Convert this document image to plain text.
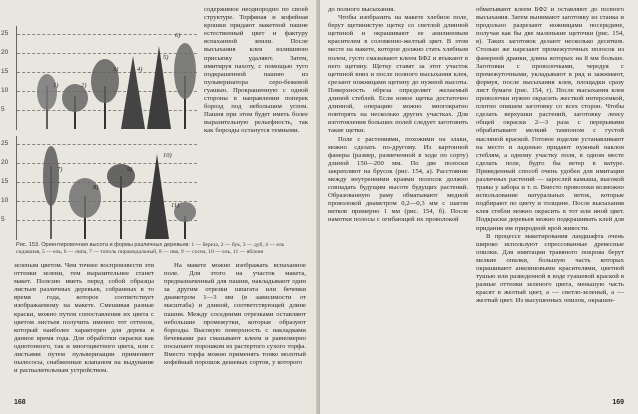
25
20
15
10
5
1)	2)
3)	4)
5)
6)
25
20
15
10
5
7)
8)
9)
10)
11)
Рис. 153. Ориентировочная высота и формы различных деревьев: 1 — береза, 2 — бук, 3 — дуб, 4 — ель сидашная, 5 — ель, 6 — липа, 7 — тополь пирамидальный, 8 — ива, 9 — сосна, 10 — ель, 11 — яблоня

содержимое неоднородно по своей структуре. Торфяная и кофейная крошки придают макетной пашне естественный цвет и фактуру вспаханной земли. После высыхания клея излишнюю присыпку удаляют. Затем, имитируя пахоту, с помощью туго подкрашенной пашню из пульверизатора серо-бежевой гуашью. Прокрашенную с одной стороны в направлении поперек борозд под небольшим углом. Пашня при этом будет иметь более выразительную рельефность, так как борозды останутся темными.

зеленым цветом. Чем точнее воспроизвести эти оттенки зелени, тем выразительнее станет макет. Полезно иметь перед собой образцы листьев различных деревьев, собранных в то время года, которое соответствует изображаемому на макете. Смешивая разные краски, можно путем сопоставления их цвета с цветом листьев получить именно тот оттенок, который наиболее характерен для дерева в данное время года. Для обработки окраски как однотонного, так и многоцветного цвета, или с листьями путем пульверизации применяют пылесосы, снабженные клапаном на выдувание и распылительным устройством.

На макете можно изображать вспаханное поле. Для этого на участок макета, предназначенный для пашни, накладывают один за другим отрезки шпагата или бечевки диаметром 1—3 мм (в зависимости от масштаба) и длиной, соответствующей длине пашни. Между соседними отрезками оставляют небольшие промежутки, которые образуют борозды. Высокую поверхность с накладками бечевками раз смазывают клеем и равномерно посыпают порошком из растертого сухого торфа. Вместо торфа можно применять тонко молотый кофейный порошок дешевых сортов, у которого

168

до полного высыхания.

Чтобы изобразить на макете хлебное поле, берут щетинистую щетку со светлой длинной щетиной и окрашивают ее анилиновым красителем в соломенно-желтый цвет. В этом месте на макете, которое должно стать хлебным полем, густо смазывают клеем БФ2 и втыкают в него щетину. Щетку ставят за этот участок щетиной вниз и после полного высыхания клея, срезают ножницами щетину до нужной высоты. Поверхность обреза определяет желаемый длиной стеблей. Если новое щетка достаточно длинной, операцию можно многократно повторять на несколько других участках. Для изготовления больших полей следует заготовить такие щетки.

Поле с растениями, похожими на злаки, можно сделать по-другому. Из картонной фанеры (размер, размеченной в ходе по сорту) длиной 150—200 мм. По две полоски закрепляют на брусок (рис. 154, а). Расстояние между внутренними краями полосок должно совпадать будущим высоте будущих растений. Образованную раму обматывают медной проволокой диаметром 0,2—0,3 мм с шагом витков примерно 1 мм (рис. 154, б). После намотки полосы с огибающей их проволокой

обматывают клеем БФ2 и оставляют до полного высыхания. Затем вынимают заготовку из станка и продольно разрезают ножницами посередине, получая как бы две маленькие щеточки (рис. 154, в). Таких заготовок делают несколько десятков. Столько же нарезают промежуточных полосок из фанерной дранки, длина которых на 8 мм больше. Заготовки с проволочками, чередуя с промежуточными, укладывают в ряд и зажимают, формуя, после высыхания клея, площадки сразу лист бумаги (рис. 154, г). После высыхания клея проволочки нужно окрасить жесткой интерсемкой, плотно опишем заготовку со всех сторон. Чтобы сделать верхушки растений, заготовку ленсу общей окраски 2—3 раза с перерывами обрабатывают мелкий тампоном с густой масляной краской. Готовое изделие устанавливают на место и ладонью придают нужный наклон стеблям, а одному участку поля, в одном месте сделать поле, будто бы ветер в ватуре. Приведенный способ очень удобен для имитации различных растений — зарослей камыша, высокой травы у забора и т. п. Вместо проволоки возможно использование натуральных веток, которые подбирают по цвету и толщине. После высыхания клея стебли можно окрасить в тот или иной цвет. Подкраски деревьев можно подкрашивать клей для придания им природной ярой живости.

В процессе макетирования ландшафта очень широко используют спрессованные древесные опилки. Для имитации травяного покрова берут мелкие опилки, большую часть которых окрашивают анилиновыми красителями, цветной тушью или разведенной в воде гуашевой краской в разные оттенки зеленого цвета, меньшую часть красят в желтый цвет, а — светло-зеленый, а — желтый цвет. Из высушенных опилок, окрашен-

169
